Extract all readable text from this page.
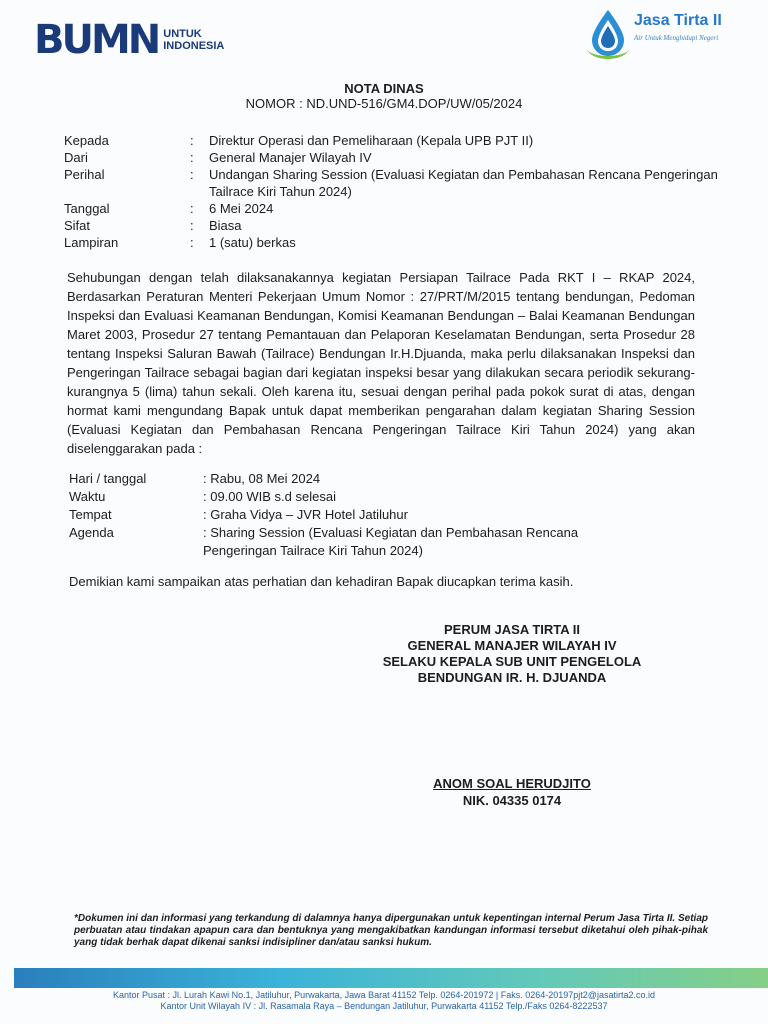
BUMN UNTUK
INDONESIA
Jasa Tirta II
Air Untuk Menghidupi Negeri
NOTA DINAS
NOMOR : ND.UND-516/GM4.DOP/UW/05/2024
Kepada	:	Direktur Operasi dan Pemeliharaan (Kepala UPB PJT II)
Dari	:	General Manajer Wilayah IV
Perihal	:	Undangan Sharing Session (Evaluasi Kegiatan dan Pembahasan Rencana Pengeringan Tailrace Kiri Tahun 2024)
Tanggal	:	6 Mei 2024
Sifat	:	Biasa
Lampiran	:	1 (satu) berkas
Sehubungan dengan telah dilaksanakannya kegiatan Persiapan Tailrace Pada RKT I – RKAP 2024, Berdasarkan Peraturan Menteri Pekerjaan Umum Nomor : 27/PRT/M/2015 tentang bendungan, Pedoman Inspeksi dan Evaluasi Keamanan Bendungan, Komisi Keamanan Bendungan – Balai Keamanan Bendungan Maret 2003, Prosedur 27 tentang Pemantauan dan Pelaporan Keselamatan Bendungan, serta Prosedur 28 tentang Inspeksi Saluran Bawah (Tailrace) Bendungan Ir.H.Djuanda, maka perlu dilaksanakan Inspeksi dan Pengeringan Tailrace sebagai bagian dari kegiatan inspeksi besar yang dilakukan secara periodik sekurang-kurangnya 5 (lima) tahun sekali. Oleh karena itu, sesuai dengan perihal pada pokok surat di atas, dengan hormat kami mengundang Bapak untuk dapat memberikan pengarahan dalam kegiatan Sharing Session (Evaluasi Kegiatan dan Pembahasan Rencana Pengeringan Tailrace Kiri Tahun 2024) yang akan diselenggarakan pada :
Hari / tanggal	: Rabu, 08 Mei 2024
Waktu	: 09.00 WIB s.d selesai
Tempat	: Graha Vidya – JVR Hotel Jatiluhur
Agenda	: Sharing Session (Evaluasi Kegiatan dan Pembahasan Rencana Pengeringan Tailrace Kiri Tahun 2024)
Demikian kami sampaikan atas perhatian dan kehadiran Bapak diucapkan terima kasih.
PERUM JASA TIRTA II
GENERAL MANAJER WILAYAH IV
SELAKU KEPALA SUB UNIT PENGELOLA
BENDUNGAN IR. H. DJUANDA
ANOM SOAL HERUDJITO
NIK. 04335 0174
*Dokumen ini dan informasi yang terkandung di dalamnya hanya dipergunakan untuk kepentingan internal Perum Jasa Tirta II. Setiap perbuatan atau tindakan apapun cara dan bentuknya yang mengakibatkan kandungan informasi tersebut diketahui oleh pihak-pihak yang tidak berhak dapat dikenai sanksi indisipliner dan/atau sanksi hukum.
Kantor Pusat : Jl. Lurah Kawi No.1, Jatiluhur, Purwakarta, Jawa Barat 41152 Telp. 0264-201972 | Faks. 0264-20197pjt2@jasatirta2.co.id
Kantor Unit Wilayah IV : Jl. Rasamala Raya – Bendungan Jatiluhur, Purwakarta 41152 Telp./Faks 0264-8222537
